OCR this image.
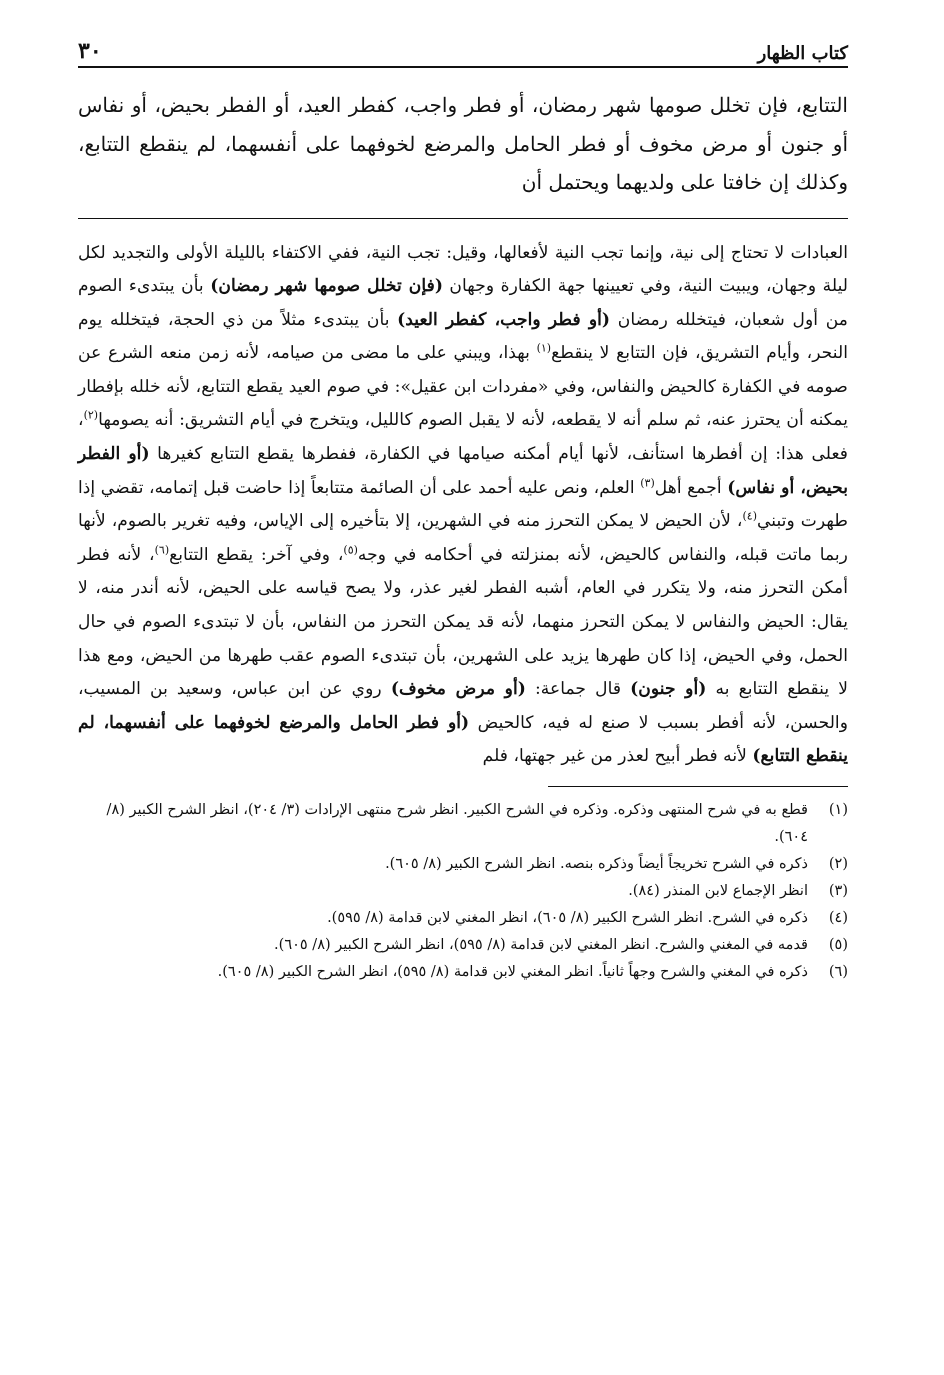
كتاب الظهار
٣٠

التتابع، فإن تخلل صومها شهر رمضان، أو فطر واجب، كفطر العيد، أو الفطر بحيض، أو نفاس أو جنون أو مرض مخوف أو فطر الحامل والمرضع لخوفهما على أنفسهما، لم ينقطع التتابع، وكذلك إن خافتا على ولديهما ويحتمل أن

العبادات لا تحتاج إلى نية، وإنما تجب النية لأفعالها، وقيل: تجب النية، ففي الاكتفاء بالليلة الأولى والتجديد لكل ليلة وجهان، ويبيت النية، وفي تعيينها جهة الكفارة وجهان (فإن تخلل صومها شهر رمضان) بأن يبتدىء الصوم من أول شعبان، فيتخلله رمضان (أو فطر واجب، كفطر العيد) بأن يبتدىء مثلاً من ذي الحجة، فيتخلله يوم النحر، وأيام التشريق، فإن التتابع لا ينقطع$^{(١)}$ بهذا، ويبني على ما مضى من صيامه، لأنه زمن منعه الشرع عن صومه في الكفارة كالحيض والنفاس، وفي «مفردات ابن عقيل»: في صوم العيد يقطع التتابع، لأنه خلله بإفطار يمكنه أن يحترز عنه، ثم سلم أنه لا يقطعه، لأنه لا يقبل الصوم كالليل، ويتخرج في أيام التشريق: أنه يصومها$^{(٢)}$، فعلى هذا: إن أفطرها استأنف، لأنها أيام أمكنه صيامها في الكفارة، ففطرها يقطع التتابع كغيرها (أو الفطر بحيض، أو نفاس) أجمع أهل$^{(٣)}$ العلم، ونص عليه أحمد على أن الصائمة متتابعاً إذا حاضت قبل إتمامه، تقضي إذا طهرت وتبني$^{(٤)}$، لأن الحيض لا يمكن التحرز منه في الشهرين، إلا بتأخيره إلى الإياس، وفيه تغرير بالصوم، لأنها ربما ماتت قبله، والنفاس كالحيض، لأنه بمنزلته في أحكامه في وجه$^{(٥)}$، وفي آخر: يقطع التتابع$^{(٦)}$، لأنه فطر أمكن التحرز منه، ولا يتكرر في العام، أشبه الفطر لغير عذر، ولا يصح قياسه على الحيض، لأنه أندر منه، لا يقال: الحيض والنفاس لا يمكن التحرز منهما، لأنه قد يمكن التحرز من النفاس، بأن لا تبتدىء الصوم في حال الحمل، وفي الحيض، إذا كان طهرها يزيد على الشهرين، بأن تبتدىء الصوم عقب طهرها من الحيض، ومع هذا لا ينقطع التتابع به (أو جنون) قال جماعة: (أو مرض مخوف) روي عن ابن عباس، وسعيد بن المسيب، والحسن، لأنه أفطر بسبب لا صنع له فيه، كالحيض (أو فطر الحامل والمرضع لخوفهما على أنفسهما، لم ينقطع التتابع) لأنه فطر أبيح لعذر من غير جهتها، فلم

(١)
قطع به في شرح المنتهى وذكره. وذكره في الشرح الكبير. انظر شرح منتهى الإرادات (٣/ ٢٠٤)، انظر الشرح الكبير (٨/ ٦٠٤).
(٢)
ذكره في الشرح تخريجاً أيضاً وذكره بنصه. انظر الشرح الكبير (٨/ ٦٠٥).
(٣)
انظر الإجماع لابن المنذر (٨٤).
(٤)
ذكره في الشرح. انظر الشرح الكبير (٨/ ٦٠٥)، انظر المغني لابن قدامة (٨/ ٥٩٥).
(٥)
قدمه في المغني والشرح. انظر المغني لابن قدامة (٨/ ٥٩٥)، انظر الشرح الكبير (٨/ ٦٠٥).
(٦)
ذكره في المغني والشرح وجهاً ثانياً. انظر المغني لابن قدامة (٨/ ٥٩٥)، انظر الشرح الكبير (٨/ ٦٠٥).
